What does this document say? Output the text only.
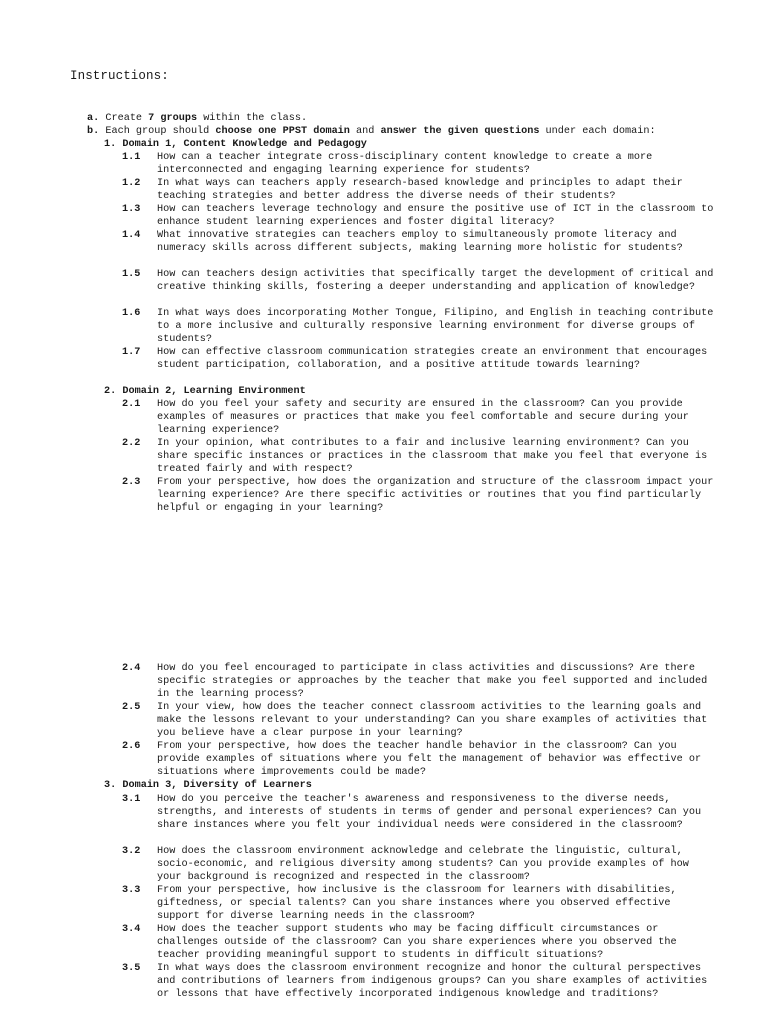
Instructions:
a. Create 7 groups within the class.
b. Each group should choose one PPST domain and answer the given questions under each domain:
1. Domain 1, Content Knowledge and Pedagogy
1.1 How can a teacher integrate cross-disciplinary content knowledge to create a more interconnected and engaging learning experience for students?
1.2 In what ways can teachers apply research-based knowledge and principles to adapt their teaching strategies and better address the diverse needs of their students?
1.3 How can teachers leverage technology and ensure the positive use of ICT in the classroom to enhance student learning experiences and foster digital literacy?
1.4 What innovative strategies can teachers employ to simultaneously promote literacy and numeracy skills across different subjects, making learning more holistic for students?
1.5 How can teachers design activities that specifically target the development of critical and creative thinking skills, fostering a deeper understanding and application of knowledge?
1.6 In what ways does incorporating Mother Tongue, Filipino, and English in teaching contribute to a more inclusive and culturally responsive learning environment for diverse groups of students?
1.7 How can effective classroom communication strategies create an environment that encourages student participation, collaboration, and a positive attitude towards learning?
2. Domain 2, Learning Environment
2.1 How do you feel your safety and security are ensured in the classroom? Can you provide examples of measures or practices that make you feel comfortable and secure during your learning experience?
2.2 In your opinion, what contributes to a fair and inclusive learning environment? Can you share specific instances or practices in the classroom that make you feel that everyone is treated fairly and with respect?
2.3 From your perspective, how does the organization and structure of the classroom impact your learning experience? Are there specific activities or routines that you find particularly helpful or engaging in your learning?
2.4 How do you feel encouraged to participate in class activities and discussions? Are there specific strategies or approaches by the teacher that make you feel supported and included in the learning process?
2.5 In your view, how does the teacher connect classroom activities to the learning goals and make the lessons relevant to your understanding? Can you share examples of activities that you believe have a clear purpose in your learning?
2.6 From your perspective, how does the teacher handle behavior in the classroom? Can you provide examples of situations where you felt the management of behavior was effective or situations where improvements could be made?
3. Domain 3, Diversity of Learners
3.1 How do you perceive the teacher's awareness and responsiveness to the diverse needs, strengths, and interests of students in terms of gender and personal experiences? Can you share instances where you felt your individual needs were considered in the classroom?
3.2 How does the classroom environment acknowledge and celebrate the linguistic, cultural, socio-economic, and religious diversity among students? Can you provide examples of how your background is recognized and respected in the classroom?
3.3 From your perspective, how inclusive is the classroom for learners with disabilities, giftedness, or special talents? Can you share instances where you observed effective support for diverse learning needs in the classroom?
3.4 How does the teacher support students who may be facing difficult circumstances or challenges outside of the classroom? Can you share experiences where you observed the teacher providing meaningful support to students in difficult situations?
3.5 In what ways does the classroom environment recognize and honor the cultural perspectives and contributions of learners from indigenous groups? Can you share examples of activities or lessons that have effectively incorporated indigenous knowledge and traditions?
